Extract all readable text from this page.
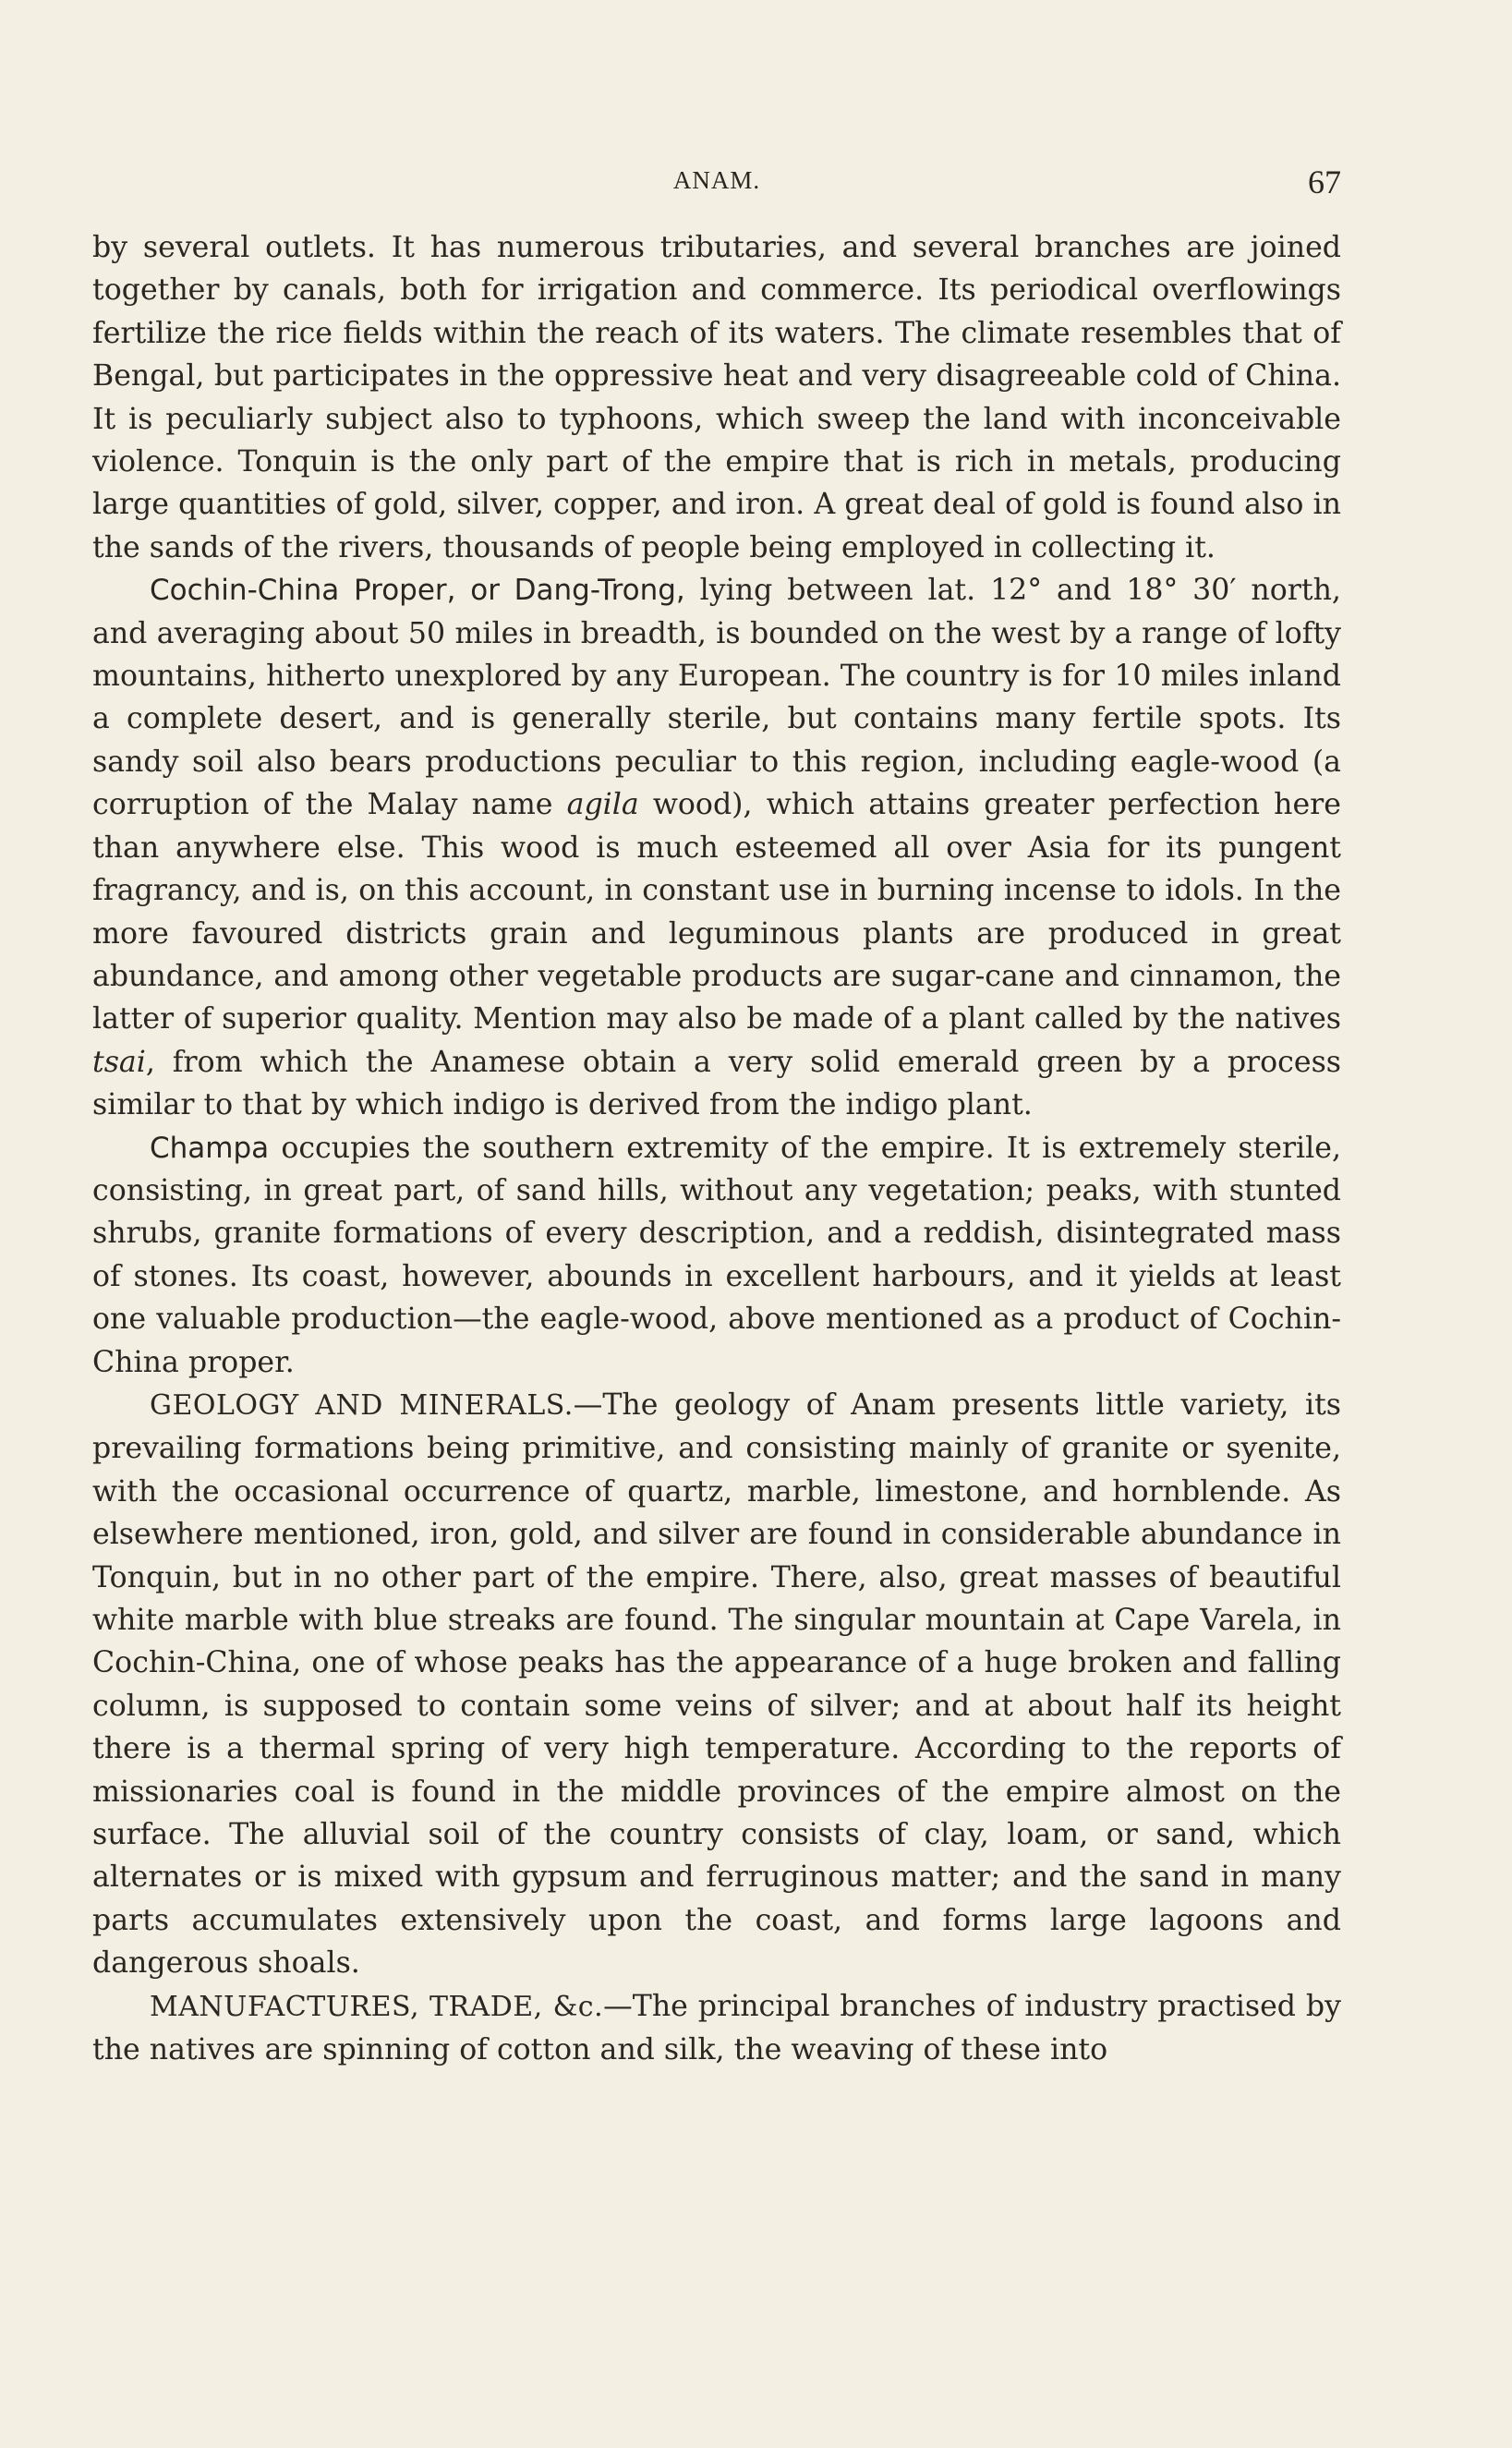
ANAM.	67

by several outlets. It has numerous tributaries, and several branches are joined together by canals, both for irrigation and commerce. Its periodical overflowings fertilize the rice fields within the reach of its waters. The climate resembles that of Bengal, but participates in the oppressive heat and very disagreeable cold of China. It is peculiarly subject also to typhoons, which sweep the land with inconceivable violence. Tonquin is the only part of the empire that is rich in metals, producing large quantities of gold, silver, copper, and iron. A great deal of gold is found also in the sands of the rivers, thousands of people being employed in collecting it.

Cochin-China Proper, or Dang-Trong, lying between lat. 12° and 18° 30′ north, and averaging about 50 miles in breadth, is bounded on the west by a range of lofty mountains, hitherto unexplored by any European. The country is for 10 miles inland a complete desert, and is generally sterile, but contains many fertile spots. Its sandy soil also bears productions peculiar to this region, including eagle-wood (a corruption of the Malay name agila wood), which attains greater perfection here than anywhere else. This wood is much esteemed all over Asia for its pungent fragrancy, and is, on this account, in constant use in burning incense to idols. In the more favoured districts grain and leguminous plants are produced in great abundance, and among other vegetable products are sugar-cane and cinnamon, the latter of superior quality. Mention may also be made of a plant called by the natives tsai, from which the Anamese obtain a very solid emerald green by a process similar to that by which indigo is derived from the indigo plant.

Champa occupies the southern extremity of the empire. It is extremely sterile, consisting, in great part, of sand hills, without any vegetation; peaks, with stunted shrubs, granite formations of every description, and a reddish, disintegrated mass of stones. Its coast, however, abounds in excellent harbours, and it yields at least one valuable production—the eagle-wood, above mentioned as a product of Cochin-China proper.

GEOLOGY AND MINERALS.—The geology of Anam presents little variety, its prevailing formations being primitive, and consisting mainly of granite or syenite, with the occasional occurrence of quartz, marble, limestone, and hornblende. As elsewhere mentioned, iron, gold, and silver are found in considerable abundance in Tonquin, but in no other part of the empire. There, also, great masses of beautiful white marble with blue streaks are found. The singular mountain at Cape Varela, in Cochin-China, one of whose peaks has the appearance of a huge broken and falling column, is supposed to contain some veins of silver; and at about half its height there is a thermal spring of very high temperature. According to the reports of missionaries coal is found in the middle provinces of the empire almost on the surface. The alluvial soil of the country consists of clay, loam, or sand, which alternates or is mixed with gypsum and ferruginous matter; and the sand in many parts accumulates extensively upon the coast, and forms large lagoons and dangerous shoals.

MANUFACTURES, TRADE, &c.—The principal branches of industry practised by the natives are spinning of cotton and silk, the weaving of these into
